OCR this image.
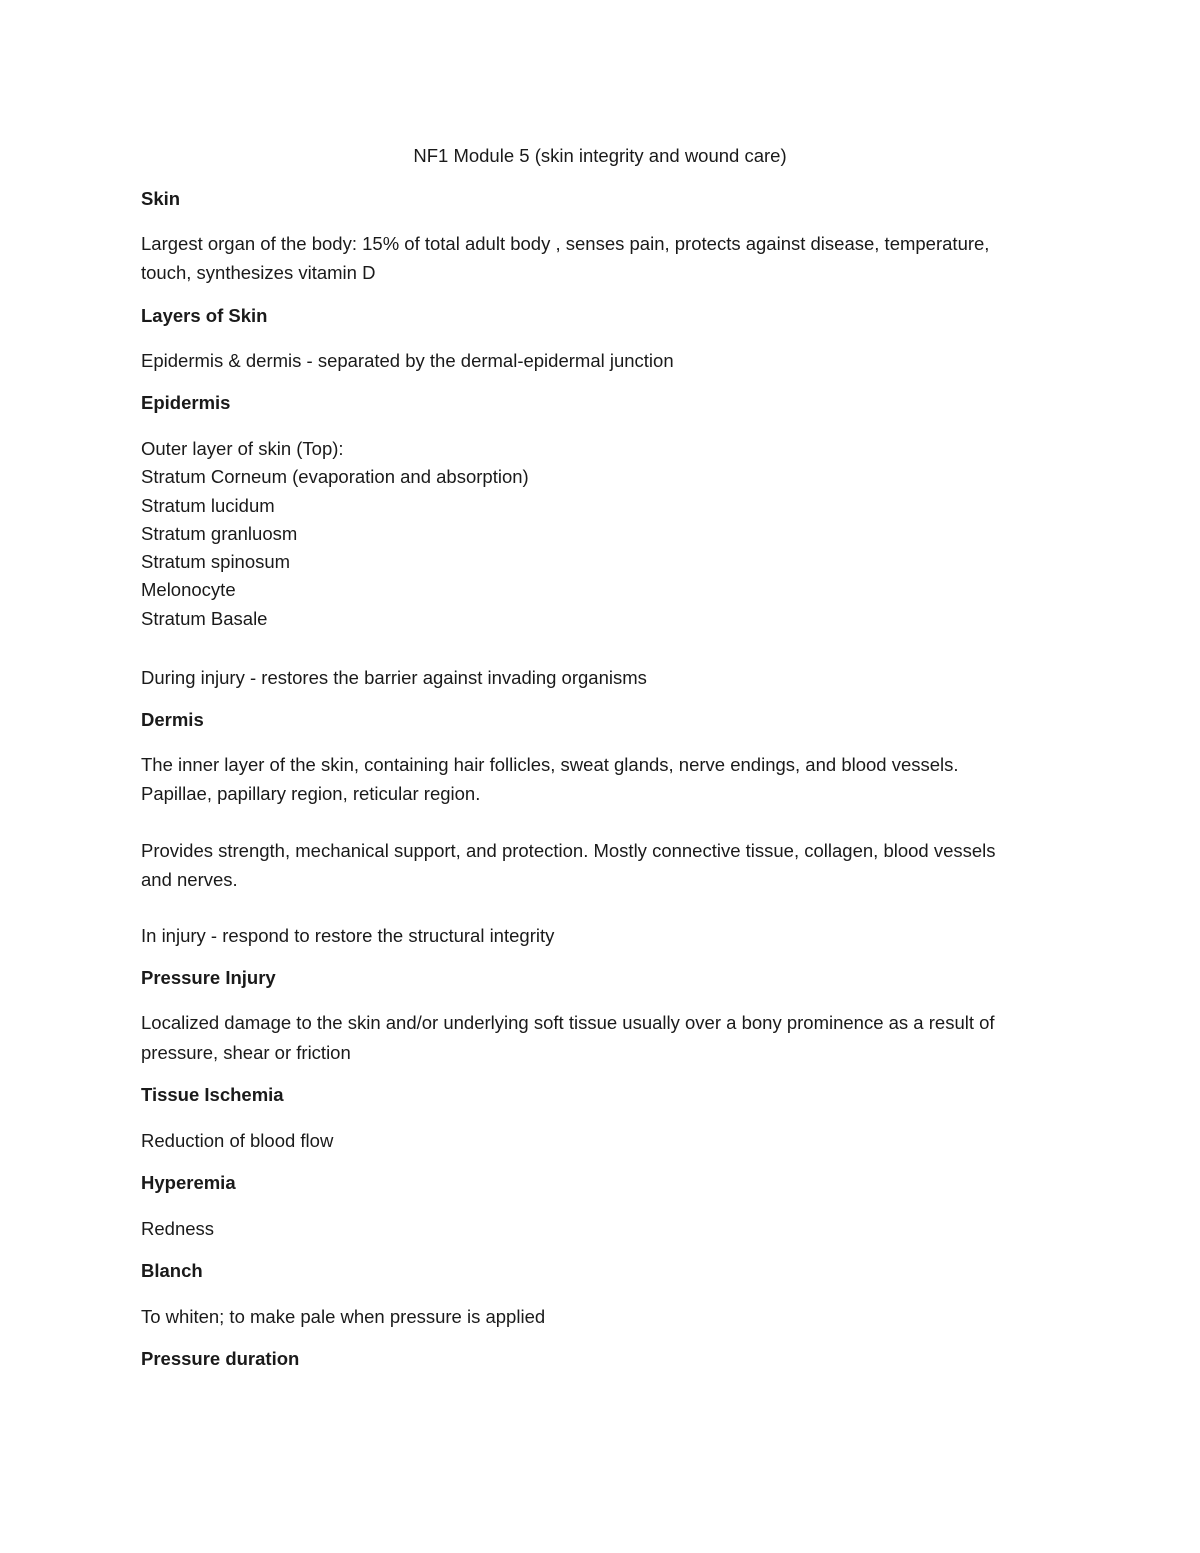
NF1 Module 5 (skin integrity and wound care)

Skin
Largest organ of the body: 15% of total adult body , senses pain, protects against disease, temperature,
touch, synthesizes vitamin D
Layers of Skin
Epidermis & dermis - separated by the dermal-epidermal junction
Epidermis
Outer layer of skin (Top):
Stratum Corneum (evaporation and absorption)
Stratum lucidum
Stratum granluosm
Stratum spinosum
Melonocyte
Stratum Basale
During injury - restores the barrier against invading organisms
Dermis
The inner layer of the skin, containing hair follicles, sweat glands, nerve endings, and blood vessels.
Papillae, papillary region, reticular region.
Provides strength, mechanical support, and protection. Mostly connective tissue, collagen, blood vessels
and nerves.
In injury - respond to restore the structural integrity
Pressure Injury
Localized damage to the skin and/or underlying soft tissue usually over a bony prominence as a result of
pressure, shear or friction
Tissue Ischemia
Reduction of blood flow
Hyperemia
Redness
Blanch
To whiten; to make pale when pressure is applied
Pressure duration
